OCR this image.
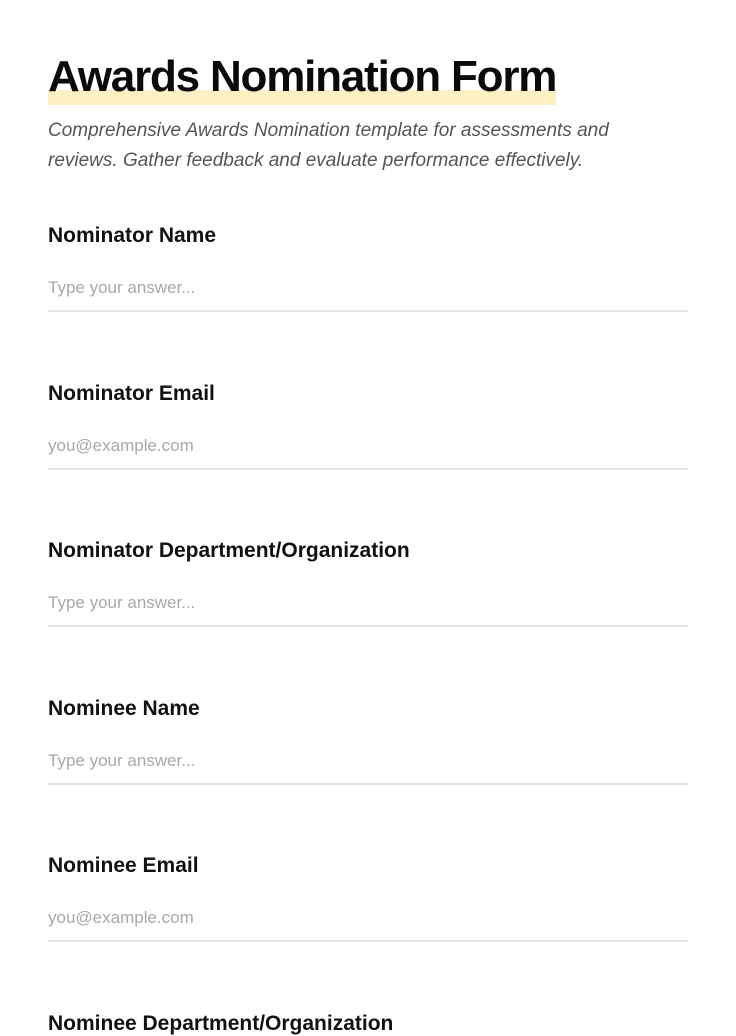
Awards Nomination Form

Comprehensive Awards Nomination template for assessments and reviews. Gather feedback and evaluate performance effectively.

Nominator Name
Type your answer...
Nominator Email
you@example.com
Nominator Department/Organization
Type your answer...
Nominee Name
Type your answer...
Nominee Email
you@example.com
Nominee Department/Organization
